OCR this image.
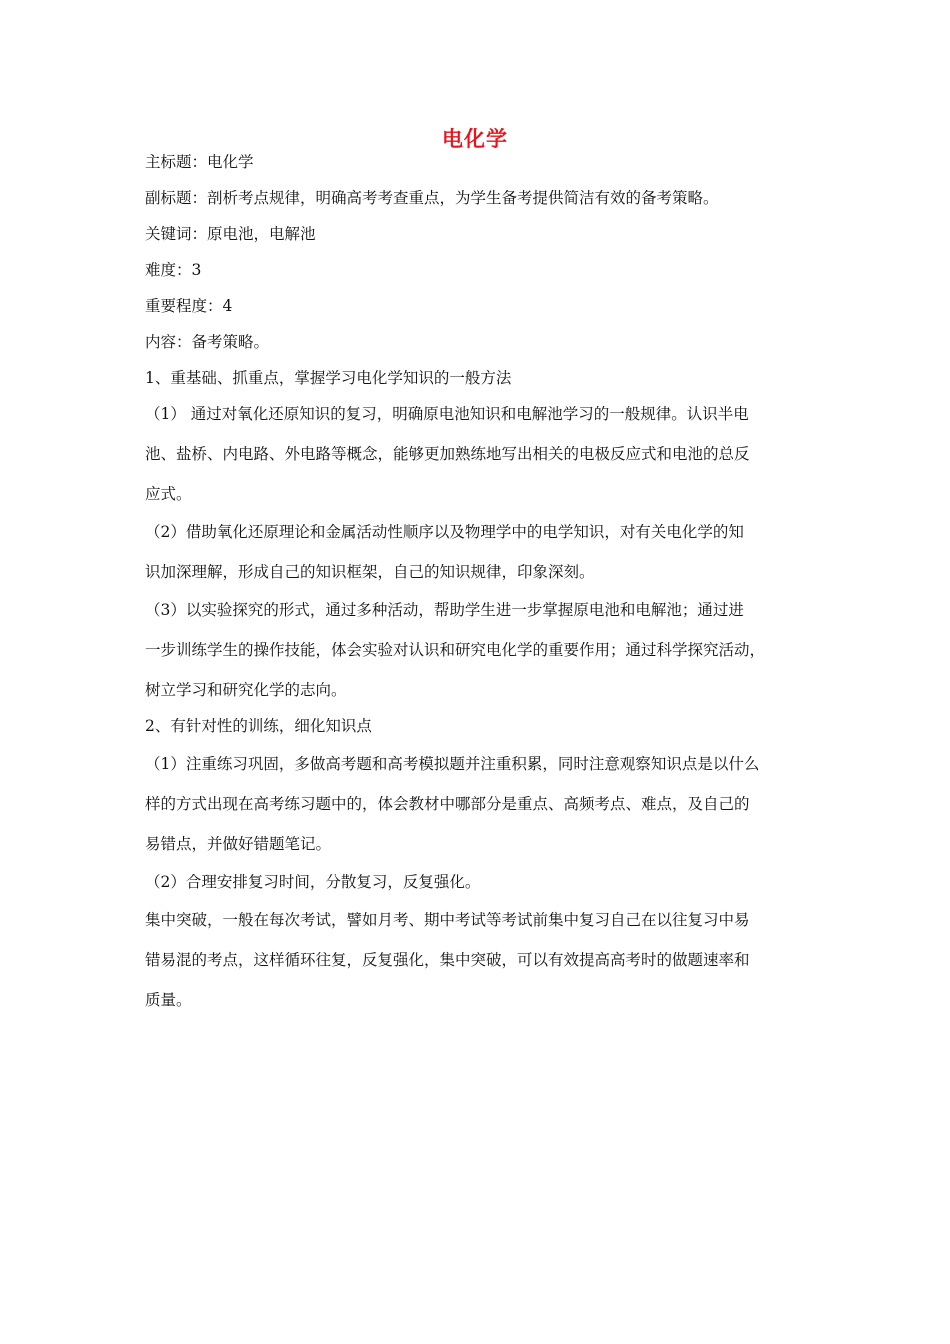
电化学
主标题：电化学
副标题：剖析考点规律，明确高考考查重点，为学生备考提供简洁有效的备考策略。
关键词：原电池，电解池
难度：3
重要程度：4
内容：备考策略。
1、重基础、抓重点，掌握学习电化学知识的一般方法
（1） 通过对氧化还原知识的复习，明确原电池知识和电解池学习的一般规律。认识半电
池、盐桥、内电路、外电路等概念，能够更加熟练地写出相关的电极反应式和电池的总反
应式。
（2）借助氧化还原理论和金属活动性顺序以及物理学中的电学知识，对有关电化学的知
识加深理解，形成自己的知识框架，自己的知识规律，印象深刻。
（3）以实验探究的形式，通过多种活动，帮助学生进一步掌握原电池和电解池；通过进
一步训练学生的操作技能，体会实验对认识和研究电化学的重要作用；通过科学探究活动，
树立学习和研究化学的志向。
2、有针对性的训练，细化知识点
（1）注重练习巩固，多做高考题和高考模拟题并注重积累，同时注意观察知识点是以什么
样的方式出现在高考练习题中的，体会教材中哪部分是重点、高频考点、难点，及自己的
易错点，并做好错题笔记。
（2）合理安排复习时间，分散复习，反复强化。
集中突破，一般在每次考试，譬如月考、期中考试等考试前集中复习自己在以往复习中易
错易混的考点，这样循环往复，反复强化，集中突破，可以有效提高高考时的做题速率和
质量。
